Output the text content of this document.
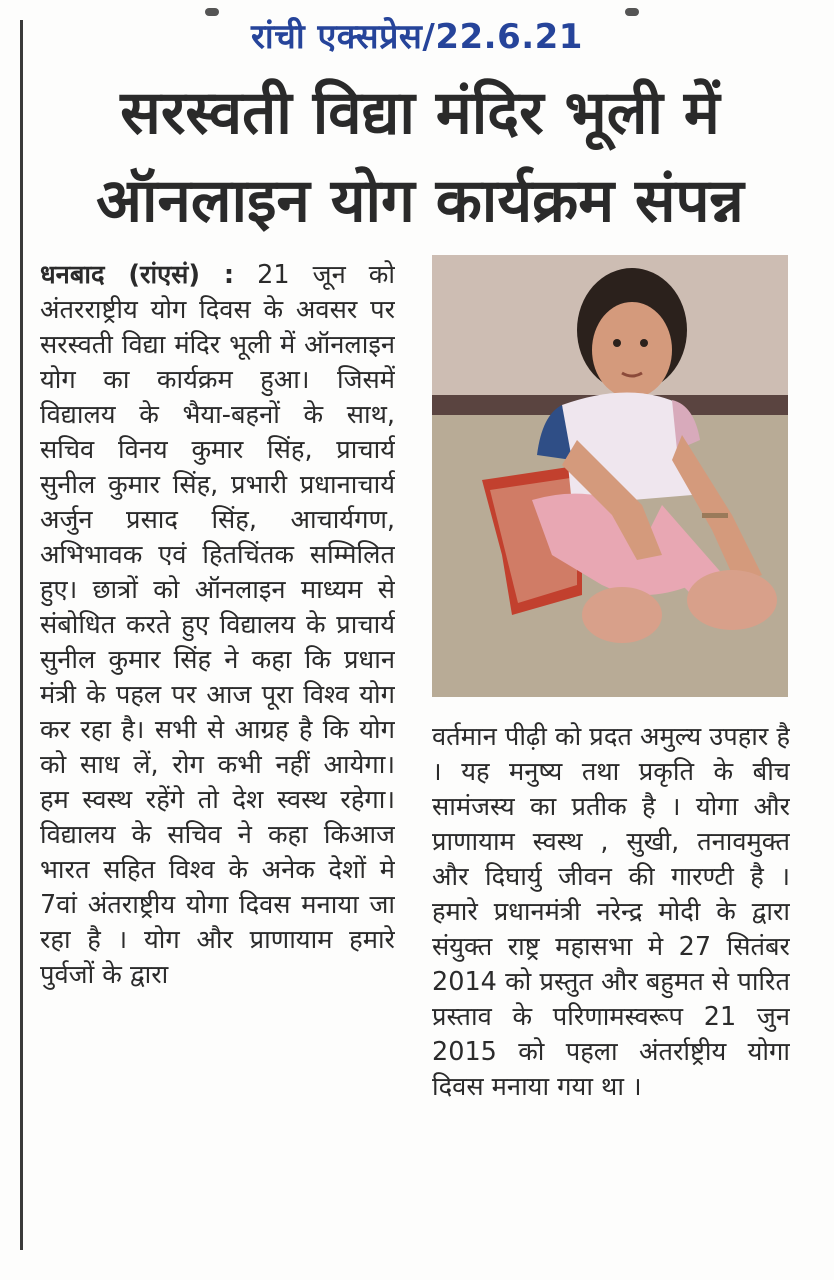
रांची एक्सप्रेस/22.6.21
सरस्वती विद्या मंदिर भूली में
ऑनलाइन योग कार्यक्रम संपन्न

धनबाद (रांएसं) : 21 जून को अंतरराष्ट्रीय योग दिवस के अवसर पर सरस्वती विद्या मंदिर भूली में ऑनलाइन योग का कार्यक्रम हुआ। जिसमें विद्यालय के भैया-बहनों के साथ, सचिव विनय कुमार सिंह, प्राचार्य सुनील कुमार सिंह, प्रभारी प्रधानाचार्य अर्जुन प्रसाद सिंह, आचार्यगण, अभिभावक एवं हितचिंतक सम्मिलित हुए। छात्रों को ऑनलाइन माध्यम से संबोधित करते हुए विद्यालय के प्राचार्य सुनील कुमार सिंह ने कहा कि प्रधान मंत्री के पहल पर आज पूरा विश्व योग कर रहा है। सभी से आग्रह है कि योग को साध लें, रोग कभी नहीं आयेगा। हम स्वस्थ रहेंगे तो देश स्वस्थ रहेगा। विद्यालय के सचिव ने कहा किआज भारत सहित विश्व के अनेक देशों मे 7वां अंतराष्ट्रीय योगा दिवस मनाया जा रहा है । योग और प्राणायाम हमारे पुर्वजों के द्वारा

वर्तमान पीढ़ी को प्रदत अमुल्य उपहार है । यह मनुष्य तथा प्रकृति के बीच सामंजस्य का प्रतीक है । योगा और प्राणायाम स्वस्थ , सुखी, तनावमुक्त और दिघार्यु जीवन की गारण्टी है । हमारे प्रधानमंत्री नरेन्द्र मोदी के द्वारा संयुक्त राष्ट्र महासभा मे 27 सितंबर 2014 को प्रस्तुत और बहुमत से पारित प्रस्ताव के परिणामस्वरूप 21 जुन 2015 को पहला अंतर्राष्ट्रीय योगा दिवस मनाया गया था ।
